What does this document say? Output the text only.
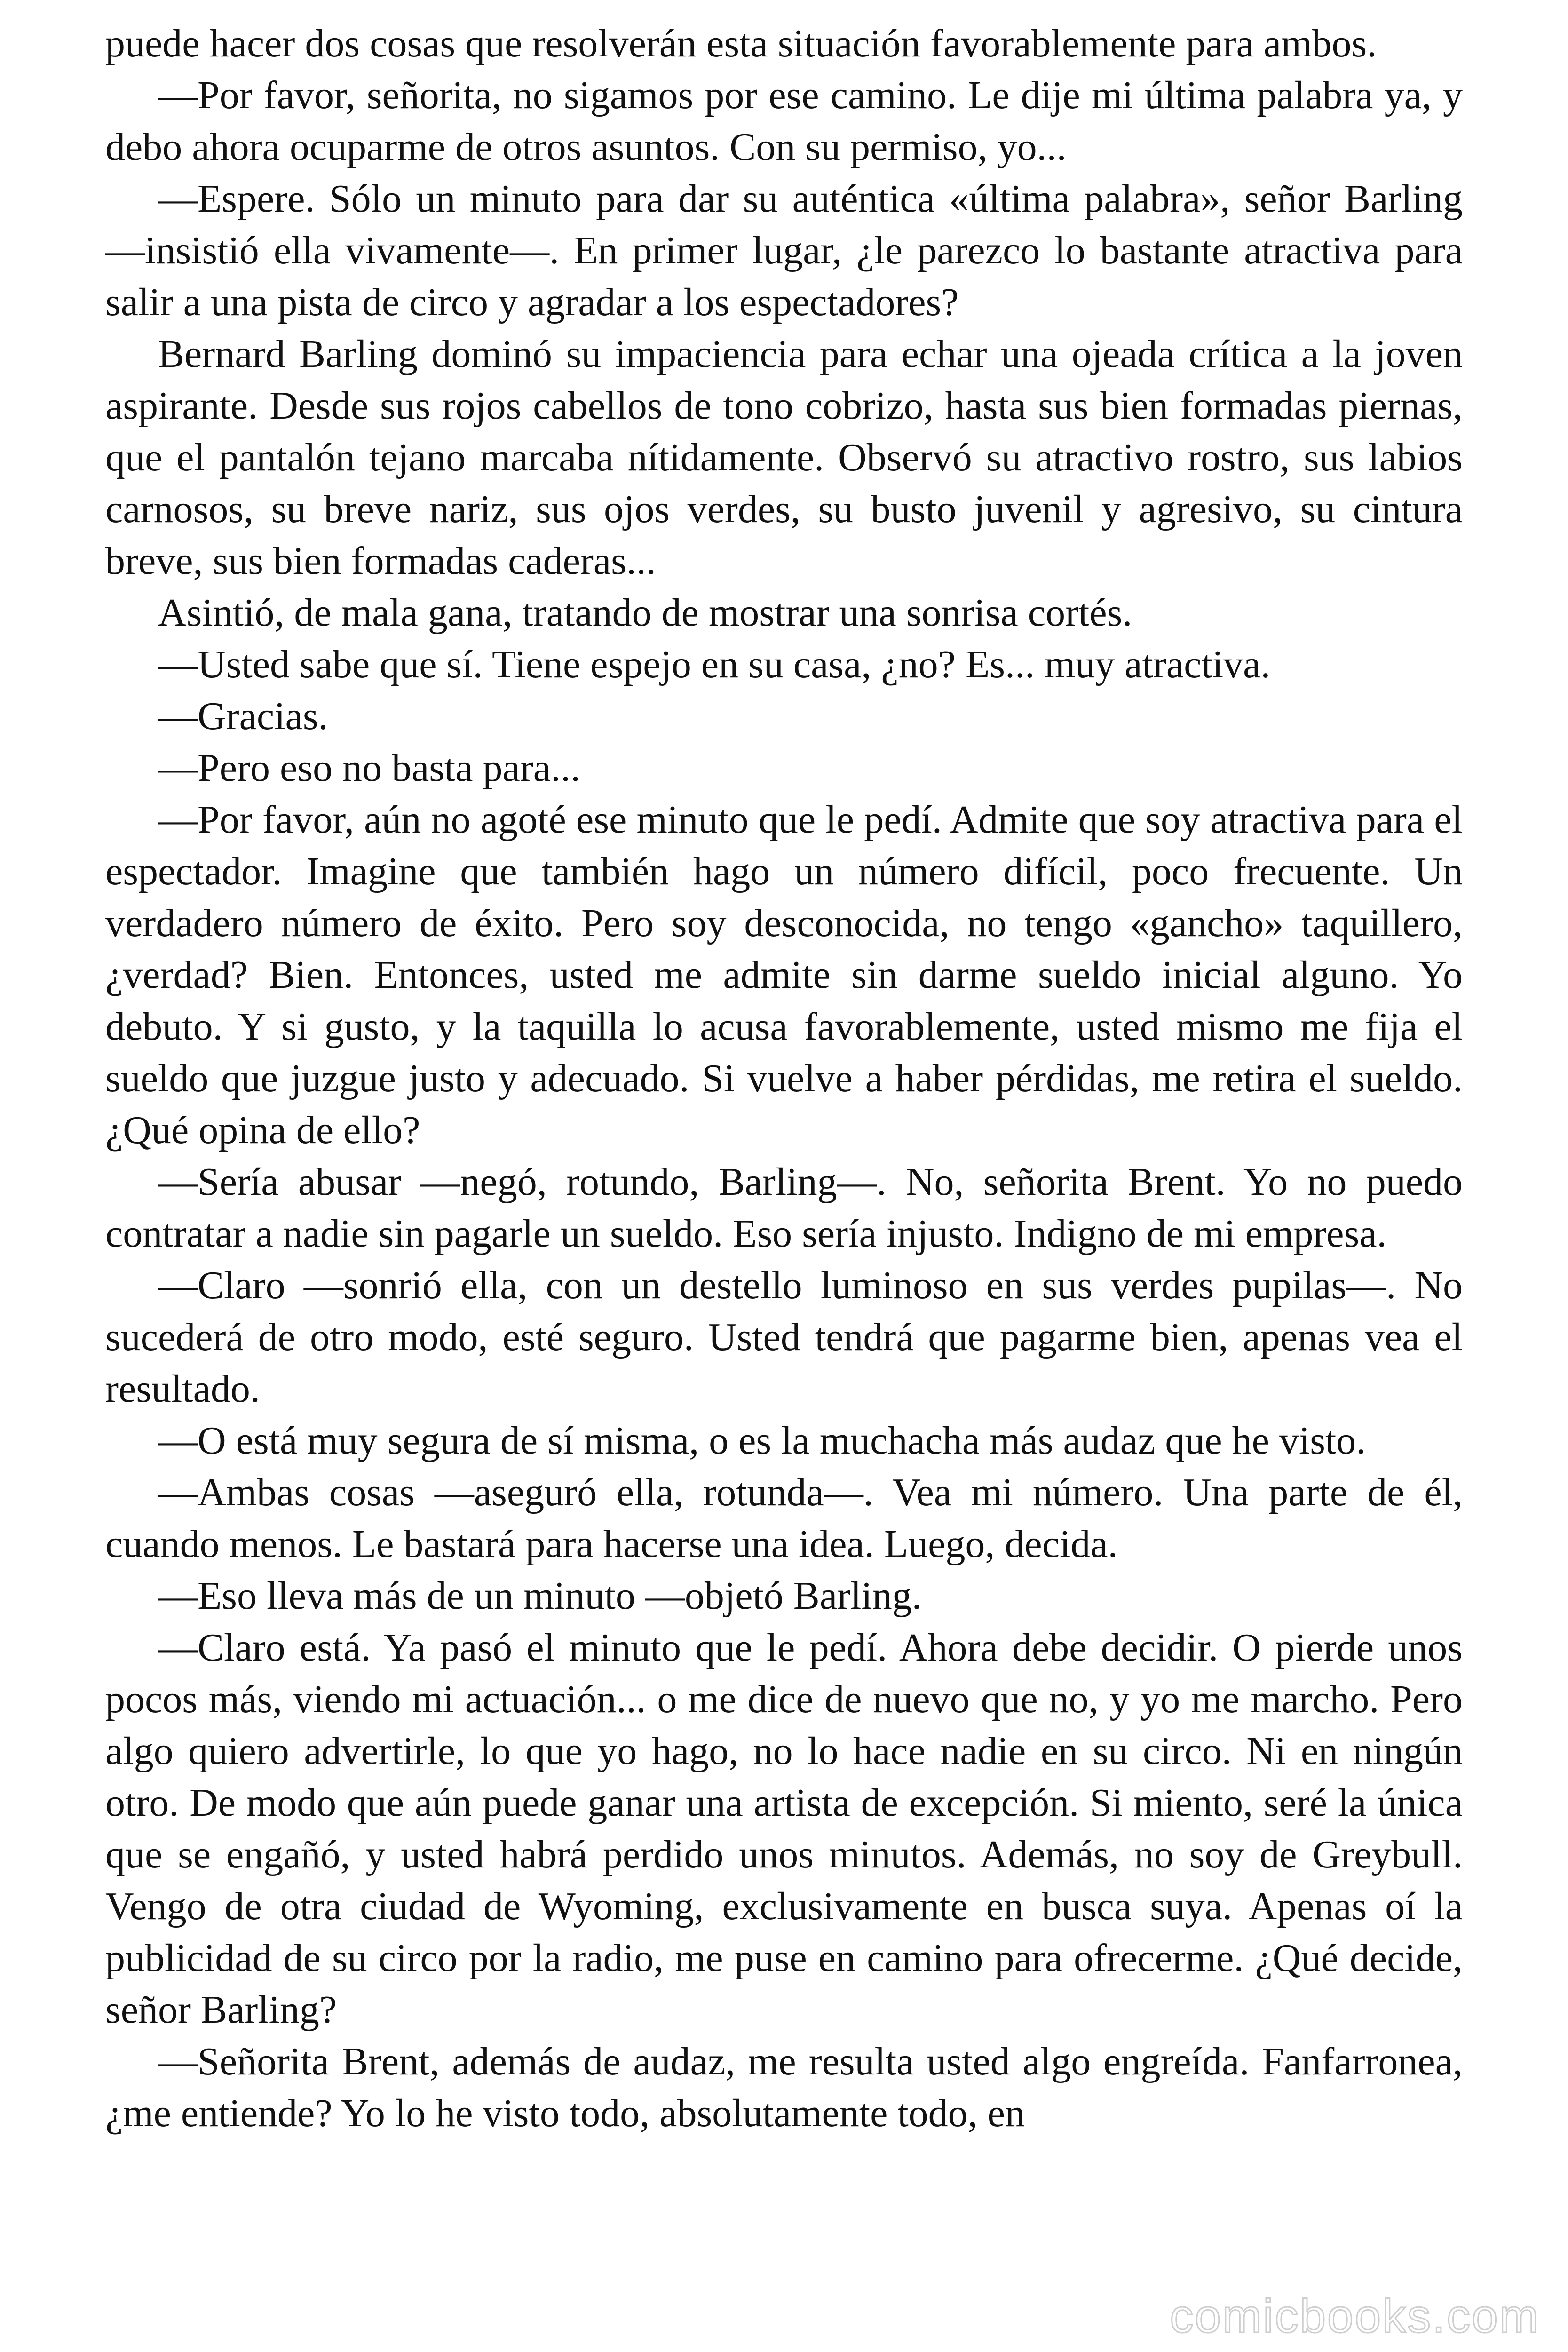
puede hacer dos cosas que resolverán esta situación favorablemente para ambos.

—Por favor, señorita, no sigamos por ese camino. Le dije mi última palabra ya, y debo ahora ocuparme de otros asuntos. Con su permiso, yo...

—Espere. Sólo un minuto para dar su auténtica «última palabra», señor Barling —insistió ella vivamente—. En primer lugar, ¿le parezco lo bastante atractiva para salir a una pista de circo y agradar a los espectadores?

Bernard Barling dominó su impaciencia para echar una ojeada crítica a la joven aspirante. Desde sus rojos cabellos de tono cobrizo, hasta sus bien formadas piernas, que el pantalón tejano marcaba nítidamente. Observó su atractivo rostro, sus labios carnosos, su breve nariz, sus ojos verdes, su busto juvenil y agresivo, su cintura breve, sus bien formadas caderas...

Asintió, de mala gana, tratando de mostrar una sonrisa cortés.

—Usted sabe que sí. Tiene espejo en su casa, ¿no? Es... muy atractiva.

—Gracias.

—Pero eso no basta para...

—Por favor, aún no agoté ese minuto que le pedí. Admite que soy atractiva para el espectador. Imagine que también hago un número difícil, poco frecuente. Un verdadero número de éxito. Pero soy desconocida, no tengo «gancho» taquillero, ¿verdad? Bien. Entonces, usted me admite sin darme sueldo inicial alguno. Yo debuto. Y si gusto, y la taquilla lo acusa favorablemente, usted mismo me fija el sueldo que juzgue justo y adecuado. Si vuelve a haber pérdidas, me retira el sueldo. ¿Qué opina de ello?

—Sería abusar —negó, rotundo, Barling—. No, señorita Brent. Yo no puedo contratar a nadie sin pagarle un sueldo. Eso sería injusto. Indigno de mi empresa.

—Claro —sonrió ella, con un destello luminoso en sus verdes pupilas—. No sucederá de otro modo, esté seguro. Usted tendrá que pagarme bien, apenas vea el resultado.

—O está muy segura de sí misma, o es la muchacha más audaz que he visto.

—Ambas cosas —aseguró ella, rotunda—. Vea mi número. Una parte de él, cuando menos. Le bastará para hacerse una idea. Luego, decida.

—Eso lleva más de un minuto —objetó Barling.

—Claro está. Ya pasó el minuto que le pedí. Ahora debe decidir. O pierde unos pocos más, viendo mi actuación... o me dice de nuevo que no, y yo me marcho. Pero algo quiero advertirle, lo que yo hago, no lo hace nadie en su circo. Ni en ningún otro. De modo que aún puede ganar una artista de excepción. Si miento, seré la única que se engañó, y usted habrá perdido unos minutos. Además, no soy de Greybull. Vengo de otra ciudad de Wyoming, exclusivamente en busca suya. Apenas oí la publicidad de su circo por la radio, me puse en camino para ofrecerme. ¿Qué decide, señor Barling?

—Señorita Brent, además de audaz, me resulta usted algo engreída. Fanfarronea, ¿me entiende? Yo lo he visto todo, absolutamente todo, en

comicbooks.com
